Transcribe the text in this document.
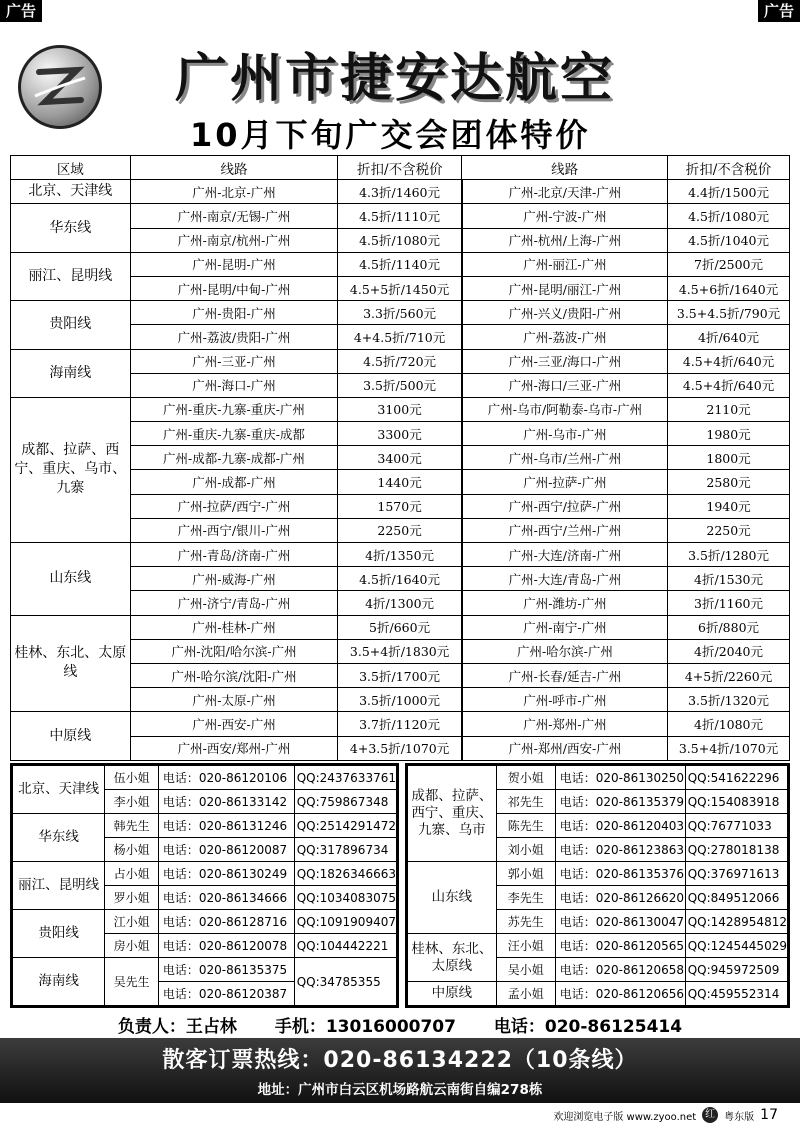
广告	广告
广州市捷安达航空
10月下旬广交会团体特价
区域	线路	折扣/不含税价	线路	折扣/不含税价
北京、天津线	广州-北京-广州	4.3折/1460元	广州-北京/天津-广州	4.4折/1500元
华东线	广州-南京/无锡-广州	4.5折/1110元	广州-宁波-广州	4.5折/1080元
	广州-南京/杭州-广州	4.5折/1080元	广州-杭州/上海-广州	4.5折/1040元
丽江、昆明线	广州-昆明-广州	4.5折/1140元	广州-丽江-广州	7折/2500元
	广州-昆明/中甸-广州	4.5+5折/1450元	广州-昆明/丽江-广州	4.5+6折/1640元
贵阳线	广州-贵阳-广州	3.3折/560元	广州-兴义/贵阳-广州	3.5+4.5折/790元
	广州-荔波/贵阳-广州	4+4.5折/710元	广州-荔波-广州	4折/640元
海南线	广州-三亚-广州	4.5折/720元	广州-三亚/海口-广州	4.5+4折/640元
	广州-海口-广州	3.5折/500元	广州-海口/三亚-广州	4.5+4折/640元
成都、拉萨、西宁、重庆、乌市、九寨	广州-重庆-九寨-重庆-广州	3100元	广州-乌市/阿勒泰-乌市-广州	2110元
	广州-重庆-九寨-重庆-成都	3300元	广州-乌市-广州	1980元
	广州-成都-九寨-成都-广州	3400元	广州-乌市/兰州-广州	1800元
	广州-成都-广州	1440元	广州-拉萨-广州	2580元
	广州-拉萨/西宁-广州	1570元	广州-西宁/拉萨-广州	1940元
	广州-西宁/银川-广州	2250元	广州-西宁/兰州-广州	2250元
山东线	广州-青岛/济南-广州	4折/1350元	广州-大连/济南-广州	3.5折/1280元
	广州-威海-广州	4.5折/1640元	广州-大连/青岛-广州	4折/1530元
	广州-济宁/青岛-广州	4折/1300元	广州-潍坊-广州	3折/1160元
桂林、东北、太原线	广州-桂林-广州	5折/660元	广州-南宁-广州	6折/880元
	广州-沈阳/哈尔滨-广州	3.5+4折/1830元	广州-哈尔滨-广州	4折/2040元
	广州-哈尔滨/沈阳-广州	3.5折/1700元	广州-长春/延吉-广州	4+5折/2260元
	广州-太原-广州	3.5折/1000元	广州-呼市-广州	3.5折/1320元
中原线	广州-西安-广州	3.7折/1120元	广州-郑州-广州	4折/1080元
	广州-西安/郑州-广州	4+3.5折/1070元	广州-郑州/西安-广州	3.5+4折/1070元
北京、天津线	伍小姐	电话：020-86120106	QQ:2437633761
	李小姐	电话：020-86133142	QQ:759867348
华东线	韩先生	电话：020-86131246	QQ:2514291472
	杨小姐	电话：020-86120087	QQ:317896734
丽江、昆明线	占小姐	电话：020-86130249	QQ:1826346663
	罗小姐	电话：020-86134666	QQ:1034083075
贵阳线	江小姐	电话：020-86128716	QQ:1091909407
	房小姐	电话：020-86120078	QQ:104442221
海南线	吴先生	电话：020-86135375	QQ:34785355
		电话：020-86120387	
成都、拉萨、西宁、重庆、九寨、乌市	贺小姐	电话：020-86130250	QQ:541622296
	祁先生	电话：020-86135379	QQ:154083918
	陈先生	电话：020-86120403	QQ:76771033
	刘小姐	电话：020-86123863	QQ:278018138
山东线	郭小姐	电话：020-86135376	QQ:376971613
	李先生	电话：020-86126620	QQ:849512066
	苏先生	电话：020-86130047	QQ:1428954812
桂林、东北、太原线	汪小姐	电话：020-86120565	QQ:1245445029
	吴小姐	电话：020-86120658	QQ:945972509
中原线	孟小姐	电话：020-86120656	QQ:459552314
负责人：王占林 手机：13016000707 电话：020-86125414
散客订票热线：020-86134222（10条线）
地址：广州市白云区机场路航云南街自编278栋
欢迎浏览电子版 www.zyoo.net 红 粤东版 17
